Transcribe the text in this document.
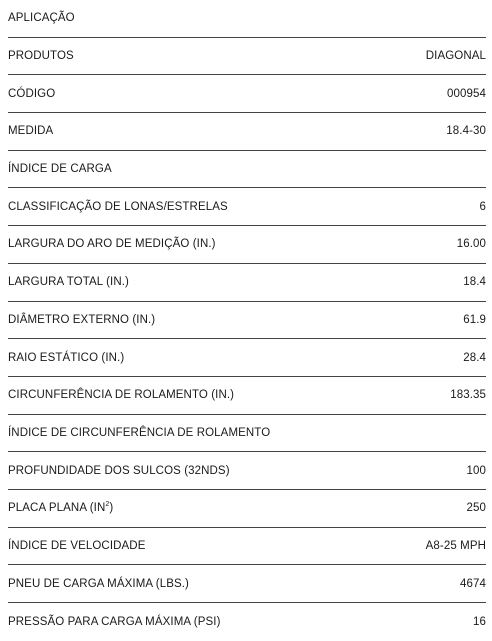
APLICAÇÃO
PRODUTOS	DIAGONAL
CÓDIGO	000954
MEDIDA	18.4-30
ÍNDICE DE CARGA
CLASSIFICAÇÃO DE LONAS/ESTRELAS	6
LARGURA DO ARO DE MEDIÇÃO (IN.)	16.00
LARGURA TOTAL (IN.)	18.4
DIÂMETRO EXTERNO (IN.)	61.9
RAIO ESTÁTICO (IN.)	28.4
CIRCUNFERÊNCIA DE ROLAMENTO (IN.)	183.35
ÍNDICE DE CIRCUNFERÊNCIA DE ROLAMENTO
PROFUNDIDADE DOS SULCOS (32NDS)	100
PLACA PLANA $(IN^2)$	250
ÍNDICE DE VELOCIDADE	A8-25 MPH
PNEU DE CARGA MÁXIMA (LBS.)	4674
PRESSÃO PARA CARGA MÁXIMA (PSI)	16
